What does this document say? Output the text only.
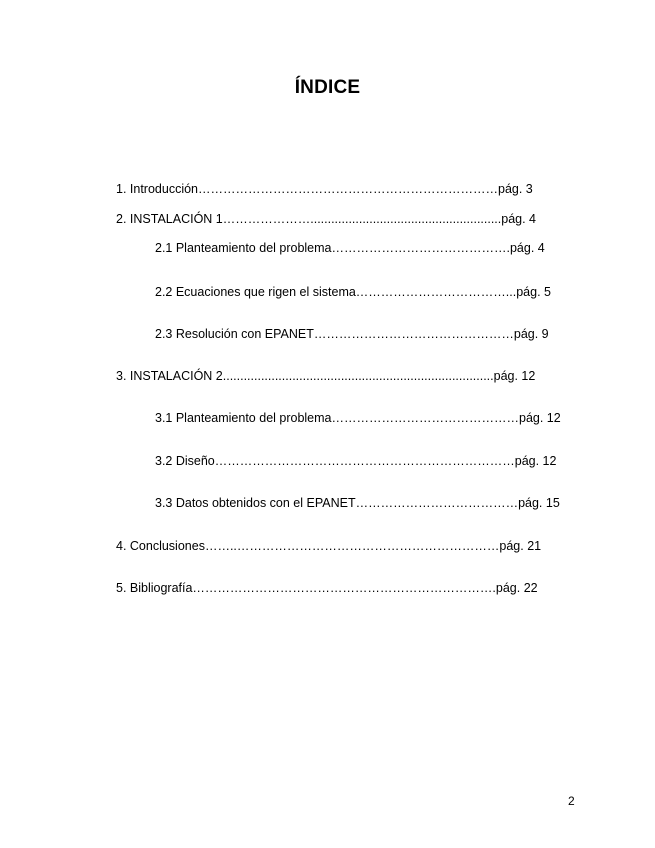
ÍNDICE
1. Introducción………………………………………………………………pág. 3
2. INSTALACIÓN 1………………….......................................................pág. 4
2.1 Planteamiento del problema…………………………………….pág. 4
2.2 Ecuaciones que rigen el sistema………………………………...pág. 5
2.3 Resolución con EPANET…………………………………………pág. 9
3. INSTALACIÓN 2..............................................................................pág. 12
3.1 Planteamiento del problema………………………………………pág. 12
3.2 Diseño………………………………………………………………pág. 12
3.3 Datos obtenidos con el EPANET…………………………………pág. 15
4. Conclusiones……..………………………………………………………pág. 21
5. Bibliografía……………………………………………………………….pág. 22
2
